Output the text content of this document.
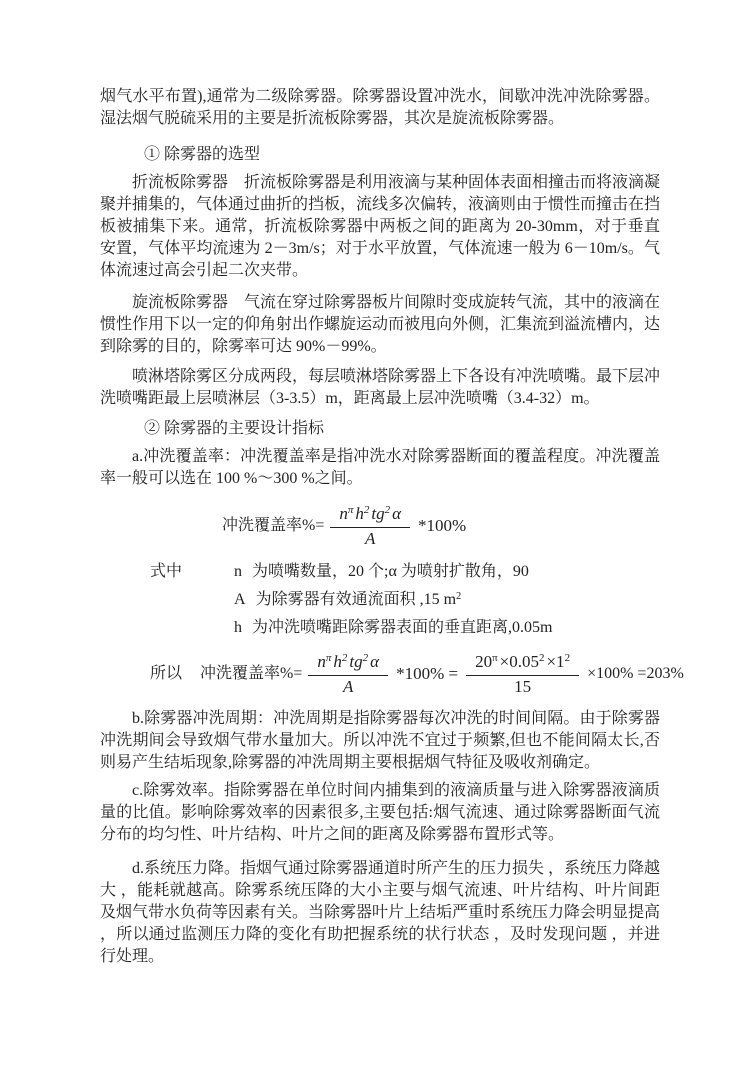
烟气水平布置),通常为二级除雾器。除雾器设置冲洗水，间歇冲洗冲洗除雾器。湿法烟气脱硫采用的主要是折流板除雾器，其次是旋流板除雾器。

① 除雾器的选型

折流板除雾器　折流板除雾器是利用液滴与某种固体表面相撞击而将液滴凝聚并捕集的，气体通过曲折的挡板，流线多次偏转，液滴则由于惯性而撞击在挡板被捕集下来。通常，折流板除雾器中两板之间的距离为 20-30mm，对于垂直安置，气体平均流速为 2－3m/s；对于水平放置，气体流速一般为 6－10m/s。气体流速过高会引起二次夹带。

旋流板除雾器　气流在穿过除雾器板片间隙时变成旋转气流，其中的液滴在惯性作用下以一定的仰角射出作螺旋运动而被甩向外侧，汇集流到溢流槽内，达到除雾的目的，除雾率可达 90%－99%。

喷淋塔除雾区分成两段，每层喷淋塔除雾器上下各设有冲洗喷嘴。最下层冲洗喷嘴距最上层喷淋层（3-3.5）m，距离最上层冲洗喷嘴（3.4-32）m。

② 除雾器的主要设计指标

a.冲洗覆盖率：冲洗覆盖率是指冲洗水对除雾器断面的覆盖程度。冲洗覆盖率一般可以选在 100 %～300 %之间。

冲洗覆盖率%= $\frac{n^\pi h^2 tg^2 \alpha}{A} *100\%$
式中	n 为喷嘴数量，20 个;α 为喷射扩散角，90
A 为除雾器有效通流面积 ,15 $m^2$
h 为冲洗喷嘴距除雾器表面的垂直距离,0.05m
所以 冲洗覆盖率%= $\frac{n^\pi h^2 tg^2 \alpha}{A} *100\% = \frac{20^\pi \times 0.05^2 \times 1^2}{15} \times 100\% =203\%$

b.除雾器冲洗周期：冲洗周期是指除雾器每次冲洗的时间间隔。由于除雾器冲洗期间会导致烟气带水量加大。所以冲洗不宜过于频繁,但也不能间隔太长,否则易产生结垢现象,除雾器的冲洗周期主要根据烟气特征及吸收剂确定。

c.除雾效率。指除雾器在单位时间内捕集到的液滴质量与进入除雾器液滴质量的比值。影响除雾效率的因素很多,主要包括:烟气流速、通过除雾器断面气流分布的均匀性、叶片结构、叶片之间的距离及除雾器布置形式等。

d.系统压力降。指烟气通过除雾器通道时所产生的压力损失 ，系统压力降越大 ，能耗就越高。除雾系统压降的大小主要与烟气流速、叶片结构、叶片间距及烟气带水负荷等因素有关。当除雾器叶片上结垢严重时系统压力降会明显提高 ，所以通过监测压力降的变化有助把握系统的状行状态 ，及时发现问题 ，并进行处理。
